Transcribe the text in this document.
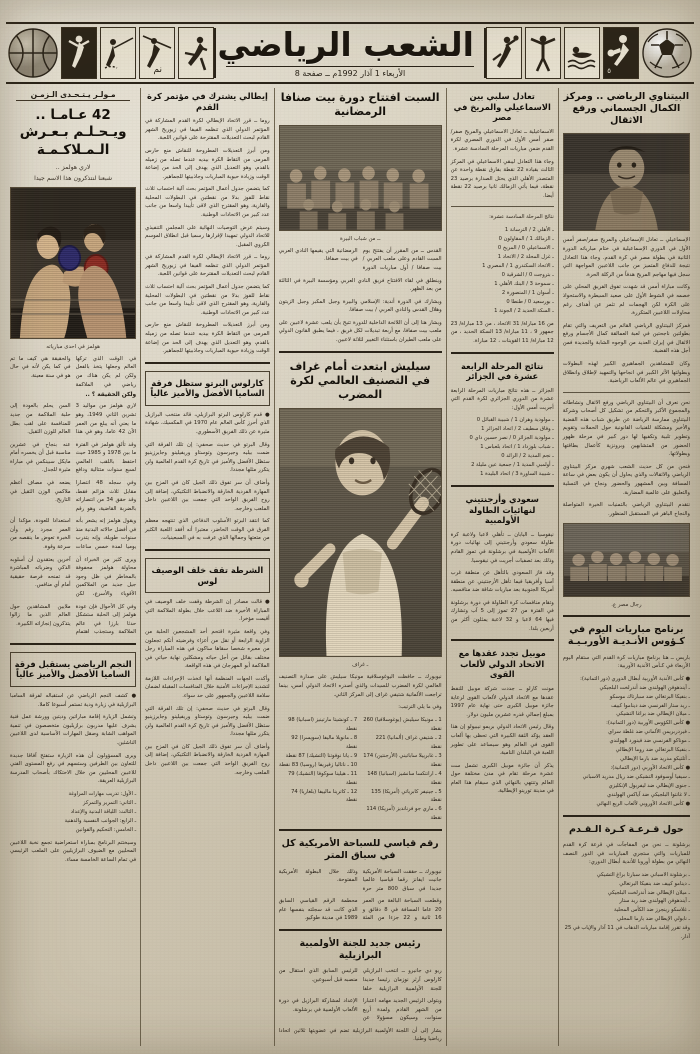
٥
الشعب الرياضي
الأربعاء 1 آذار 1992م ــ صفحة 8
نم
البيتناوي الرياضي .. ومركز الكمال الجسماني ورفع الاثقال
الإسماعيلي ــ تعادل الإسماعيلي والمريخ صفر/صفر أمس الأول في الدوري الإسماعيلية في ختام مبارياته الدورة الثانية في بطولة مصر في كرة القدم. وجاء هذا التعادل نتيجة للدفاع المتميز من جانب اللاعبين المواجهة التي سجل فيها مهاجم المريخ هدفاً من الركلة الحرة.
وكانت مباراة أمس قد شهدت تفوق الفريق المحلي على خصمه في الشوط الأول على صعيد السيطرة والاستحواذ على الكرة لكن الهجمات لم تثمر عن أهداف رغم محاولات اللاعبين المتكررة.
فمركز البيتناوي الرياضي القائم من التعريف والتي تقام بطولتين ناجحتين في لعبة العمالقة كمال الأجسام ورفع الاثقال في إيران العديد من الوجوه الشابة والجديدة فمن أجل هذه القضية.
وكان للمشاهدين الجماهيري الكبير لهذه البطولات وبطولتها الأثر الكبير في انجاحها والتمهيد لإطلاق وانطلاق الجماهيري في عالم الألعاب الرياضية.
نحن نعرف أن البيتناوي الرياضي ورفع الاثقال ونشاطاته والمجموع الأكبر والتحكم من تشكيل كل أصحاب وشركة البيتناوي ممارسة الرياضة عن طريق شباب هذه القضية والأخير ومشكلة للفنيات القانونية حول الحملات وتقويم وتطوير تلبية وتكفيها لها دور كبير في مرحلة ظهور الحضور من المتشابهين وبرونزية كأعمال بطاقتها وبطولاتها.
فنحن من كل حديث الشعب شهري مركز البيتناوي الرياضي والاثقالات والذي يحاول أن يكون بعض في ساعة المسافة وبين المشهور والحضور ونجاح في التسلية والتعليق على عالمية المضاربة.
نتقدم البيتناوي الرياضي بالتمنيات الخيرة المتواصلة والنجاح الباهر في المستقبل المنظور.
رجال مصر ع.
برنامج مباريات اليوم في كـؤوس الأنـديـة الأوربـيـة
باريس ــ هنا برنامج مباريات كرة القدم التي ستقام اليوم الأربعاء في كـأس الأندية الأوربية:
● كأس الأندية الأوربية أبطال الدوري (دور الثمانية):
ـ آيندهوفن الهولندي ضد أندرلخت البلجيكي
ـ بنفيكا البرتغالي ضد سبارتاك موسكو
ـ ريد ستار الفرنسي ضد ديناموا كييف
ـ ميلان الإيطالي ضد براغا التشيكي
● كأس الكؤوس الأوربية (دور الثمانية):
ـ فيردربريمن الألماني ضد غلطة سراي
ـ موناكو الفرنسي ضد فينورد الهولندي
ـ بنفيكا البرتغالي ضد روما الإيطالي
ـ أتلتيكو مدريد ضد بارما الإيطالي
● كأس الاتحاد الأوربي (دور الثمانية):
ـ سيفيا أوسوفود التشيكي ضد ريال مدريد الاسباني
ـ جنوى الإيطالي ضد ليفربول الإنكليزي
ـ لا غانتوا البلجيكي ضد آياكس الهولندي
● كأس الاتحاد الأوروبي لألعاب الربع النهائي
حول قـرعـة كـرة الـقـدم
برشلونة ــ نحن من المفاجآت في قرعة كرة القدم للمباريات والتي ستجري المباريات في الدور النصف النهائي من بطولة أوروبا للأندية أبطال الدوري:
ـ برشلونة الاسباني ضد سبارتا براغ التشيكي
ـ دينامو كييف ضد بنفيكا البرتغالي
ـ ميلان الإيطالي ضد أندرلخت البلجيكي
ـ آيندهوفن الهولندي ضد ريد ستار
ـ غلاسكو رينجرز ضد الكأس المحلية
ـ نابولي الإيطالي ضد بارما المحلي
وقد تقرر إقامة مباريات الذهاب في 11 آذار والإياب في 25 آذار.
تعادل سلبي بين الاسماعيلي والمريخ في مصر
الاسماعيلية ــ تعادل الاسماعيلي والمريخ صفر/صفر أمس الأول في الدوري المصري لكرة القدم ضمن مباريات المرحلة السادسة عشرة.
وجاء هذا التعادل ليبقي الاسماعيلي في المركز الثالث بقيادة 22 نقطة بفارق نقطة واحدة عن المتصدر الأهلي الذي يحتل الصدارة برصيد 23 نقطة، فيما يأتي الزمالك ثانيا برصيد 22 نقطة أيضا.
نتائج المرحلة السادسة عشرة:
ـ الأهلي 2 / الترسانة 1
ـ الزمالك 1 / المقاولون 0
ـ الاسماعيلي 0 / المريخ 0
ـ غزل المحلة 2 / الاتحاد 1
ـ الاتحاد السكندري 1 / المصري 1
ـ بتروجت 0 / الشرقية 0
ـ سموحة 3 / البنك الأهلي 1
ـ أسوان 1 / المنصورة 2
ـ بورسعيد 0 / طنطا 0
ـ السكة الحديد 2 / الجونة 1
من 16 مباراة/ 31 الاتحاد ، من 13 مباراة/ 23 جمهور 9 ، 11 مباراة/ 13 السكة الحديد ، من 12 مباراة/ 11 القوينات ، 12 مباراة.
نتائج المرحلة الرابعة عشرة في الجزائر
الجزائر ــ هذه نتائج مباريات المرحلة الرابعة عشرة من الدوري الجزائري لكرة القدم التي أجريت أمس الأول:
ـ مولودية وهران 1 / شبيبة القبائل 0
ـ وفاق سطيف 2 / اتحاد الجزائر 1
ـ مولودية الجزائر 0 / نصر حسين داي 0
ـ شباب بلوزداد 1 / اتحاد بلعباس 1
ـ نجم المدية 2 / الرائد 0
ـ أولمبي المدية 1 / جمعية عين مليلة 2
ـ شبيبة الساورة 3 / اتحاد البليدة 1
سعودي وأرجنتيني لنهائيات الطاولة الأولمبية
نيقوسيا ــ اليابان ــ تأهلي لاعبا ولاعبة كرة طاولة سعودي وأرجنتيني إلى نهائيات دورة الألعاب الأولمبية في برشلونة في تموز القادم وذلك بعد تصفيات أجريت في نيقوسيا.
وقد فاز السعودي بالتأهل عن منطقة غرب آسيا وأفريقيا فيما تأهل الأرجنتيني عن منطقة أمريكا الجنوبية بعد مباريات شاقة ضد منافسيه.
وتقام منافسات كرة الطاولة في دورة برشلونة في الفترة من 27 تموز إلى 5 آب وتشارك فيها 64 لاعبا و 32 لاعبة يمثلون أكثر من أربعين بلدا.
موبيل تجدد عقدها مع الاتحاد الدولي لألعاب القوى
مونت كارلو ــ جددت شركة موبيل للنفط عقدها مع الاتحاد الدولي لألعاب القوى لرعاية جائزة موبيل الكبرى حتى نهاية عام 1997 بمبلغ إجمالي قدره عشرين مليون دولار.
وقال رئيس الاتحاد الدولي بريمو نيبيولو إن هذا العقد يؤكد الثقة الكبيرة التي تحظى بها ألعاب القوى في العالم وهو سيساعد على تطوير اللعبة في البلدان النامية.
يذكر أن جائزة موبيل الكبرى تشمل ست عشرة مرحلة تقام في مدن مختلفة حول العالم وتنتهي بالنهائي الذي سيقام هذا العام في مدينة تورينو الإيطالية.
السبت افتتاح دورة بيت صنافا الرمضانية
ــ من شباب البيرة
القدس ــ من المقرر أن يفتتح يوم السبت القادم وعلى ملعب العربي / بيت صفافا / أول مباريات الدورة الرمضانية التي يقيمها النادي العربي في بيت صفافا.
وينطلق في لقاء الافتتاح فريق النادي العربي ومؤسسة البيرة في الثالثة من بعد الظهر.
ويشارك في الدورة أندية: الإسلامي والبيرة وجبل المكبر وجبل الزيتون وهلال القدس والنادي العربي / بيت صفافا.
ويشار هنا إلى أن اللائحة الداخلية للدورة تتيح بأن يلعب عشرة لاعبين على ملعب بيت صفافا، مع أربعة تبديلات لكل فريق ، فيما يطبق القانون الدولي على ملعب الطيران باستثناء التغيير لثلاثة لاعبين.
سيليش ابتعدت أمام غراف في التصنيف العالمي لكرة المضرب
ـ غراف
نيويورك ــ حافظت اليوغوسلافية مونيكا سيليش على صدارة التصنيف العالمي لكرة المضرب للسيدات والذي أصدره الاتحاد الدولي أمس، بينما تراجعت الألمانية شتيفي غراف إلى المركز الثاني.
وفي ما يلي الترتيب:
1 ـ مونيكا سيليش (يوغوسلافيا) 260 نقطة
2 ـ شتيفي غراف (ألمانيا) 221 نقطة
3 ـ غابرييلا ساباتيني (الأرجنتين) 174 نقطة
4 ـ ارانتكسا سانشيز (اسبانيا) 148 نقطة
5 ـ جينيفر كابرياتي (أمريكا) 135 نقطة
6 ـ ماري جو فرنانديز (أمريكا) 114 نقطة
7 ـ كونشيتا مارتينيز (اسبانيا) 98 نقطة
8 ـ مانويلا ماليفا (سويسرا) 92 نقطة
9 ـ يانا نوفوتنا (التشيك) 87 نقطة
10 ـ ناتاليا زفيريفا (روسيا) 83 نقطة
11 ـ هيلينا سوكوفا (التشيك) 79 نقطة
12 ـ كاترينا مالييفا (بلغاريا) 74 نقطة
رقم قياسي للسباحة الأمريكية كل في سباق المتر
نيويورك ــ حققت السباحة الأمريكية جانيت ايفانز رقما قياسيا عالميا جديدا في سباق 800 متر حرة وذلك خلال البطولة الأمريكية المفتوحة.
وقطعت السباحة البالغة من العمر 20 عاما المسافة في 8 دقائق و 16 ثانية و 22 جزءا من المئة محطمة الرقم القياسي السابق الذي كانت قد سجلته بنفسها عام 1989 في مدينة طوكيو.
رئيس جديد للجنة الأولمبية البرازيلية
ريو دي جانيرو ــ انتخب البرازيلي كارلوس آرثر نوزمان رئيسا جديدا للجنة الأولمبية البرازيلية خلفا للرئيس السابق الذي استقال من منصبه قبل أسبوعين.
ويتولى الرئيس الجديد مهامه اعتبارا من الشهر القادم ولمدة أربع سنوات، وسيكون مسؤولا عن الإعداد لمشاركة البرازيل في دورة الألعاب الأولمبية في برشلونة.
يشار إلى أن اللجنة الأولمبية البرازيلية تضم في عضويتها ثلاثين اتحادا رياضيا وطنيا.
إيطالي يشترك في مؤتمر كرة القدم
روما ــ قرر الاتحاد الإيطالي لكرة القدم المشاركة في المؤتمر الدولي الذي تنظمه الفيفا في زيوريخ الشهر القادم لبحث التعديلات المقترحة على قوانين اللعبة.
ومن أبرز التعديلات المطروحة للنقاش منع حارس المرمى من التقاط الكرة بيديه عندما تصله من زميله بالقدم، وهو التعديل الذي يهدف إلى الحد من إضاعة الوقت وزيادة حيوية المباريات وجاذبيتها للجماهير.
كما يتضمن جدول أعمال المؤتمر بحث آلية احتساب ثلاث نقاط للفوز بدلا من نقطتين في البطولات المحلية والقارية، وهو المقترح الذي لاقى تأييدا واسعا من جانب عدد كبير من الاتحادات الوطنية.
وسيتم عرض التوصيات النهائية على المجلس التنفيذي للاتحاد الدولي تمهيدا لإقرارها رسميا قبل انطلاق الموسم الكروي المقبل.
روما ــ قرر الاتحاد الإيطالي لكرة القدم المشاركة في المؤتمر الدولي الذي تنظمه الفيفا في زيوريخ الشهر القادم لبحث التعديلات المقترحة على قوانين اللعبة.
كما يتضمن جدول أعمال المؤتمر بحث آلية احتساب ثلاث نقاط للفوز بدلا من نقطتين في البطولات المحلية والقارية، وهو المقترح الذي لاقى تأييدا واسعا من جانب عدد كبير من الاتحادات الوطنية.
ومن أبرز التعديلات المطروحة للنقاش منع حارس المرمى من التقاط الكرة بيديه عندما تصله من زميله بالقدم، وهو التعديل الذي يهدف إلى الحد من إضاعة الوقت وزيادة حيوية المباريات وجاذبيتها للجماهير.
كارلوس البرتو ستظل فرقة الساميا الأفضل والأميز عالياً
● قدم كارلوس البرتو البرازيلي، قائد منتخب البرازيل الذي أحرز كأس العالم عام 1970 في المكسيك، شهادة مثيرة عن ذلك الفريق الأسطوري.
وقال البرتو في حديث صحفي: إن تلك الفرقة التي ضمت بيليه وجيرسون وتوستاو وريفيلينو وجايرزينيو ستظل الأفضل والأميز في تاريخ كرة القدم العالمية ولن يتكرر مثلها مجددا.
وأضاف أن سر تفوق ذلك الجيل كان في المزج بين المهارة الفردية الخارقة والانضباط التكتيكي، إضافة إلى روح الفريق الواحد التي جمعت بين اللاعبين داخل الملعب وخارجه.
كما انتقد البرتو الأسلوب الدفاعي الذي تنتهجه معظم الفرق في الوقت الحاضر، معتبرا أنه أفقد اللعبة الكثير من متعتها وجمالها الذي عرفت به في السبعينيات.
الشرطة تقف خلف الوصيف لوس
● قالت مصادر إن الشرطة وقفت خلف الوصيف في المباراة الأخيرة ضد اللاعب خلال بطولة الملاكمة التي أقيمت مؤخرا.
وفي واقعة مثيرة اقتحم أحد المشجعين الحلبة من الزاوية الرابعة أو نقل من أعزاء وفرضيته أنكم تجعلون من معبره شخصا سقاها ساكون في هذه المباراة رجل مختلف بقائل من أجل حياته ومشكلين نهاية حياتي في الملاكمة أبو المهرجان في هذه الواقعة.
وأكدت الجهات المنظمة أنها اتخذت الإجراءات اللازمة لتشديد الإجراءات الأمنية خلال المنافسات المقبلة لضمان سلامة اللاعبين والجمهور على حد سواء.
وقال البرتو في حديث صحفي: إن تلك الفرقة التي ضمت بيليه وجيرسون وتوستاو وريفيلينو وجايرزينيو ستظل الأفضل والأميز في تاريخ كرة القدم العالمية ولن يتكرر مثلها مجددا.
وأضاف أن سر تفوق ذلك الجيل كان في المزج بين المهارة الفردية الخارقة والانضباط التكتيكي، إضافة إلى روح الفريق الواحد التي جمعت بين اللاعبين داخل الملعب وخارجه.
مـولـر يـتـحـدى الـزمـن
42 عـامـا .. ويـحـلـم بـعـرش الـمـلاكـمـة
لاري هولمز ..
شبعنا لنتذكرون هذا الاسم جيدا
هولمز في احدى مبارياته
في الوقت الذي تركها العالم وجعلها يتخذ بالفعل ولكن لم يكن هناك من رياضي في الملاكمة والحقيقة هي كيف ما تم في كما يكن لأنه في حال هو في سنة معينة.
ولكن الحقيقة ؟ ..
لاري هولمز من مواليد 3 تشرين الثاني 1949، وهو ما يعني أنه يبلغ من العمر الآن 42 عاما، وهو في هذا السن يحلم بالعودة إلى حلبة الملاكمة من جديد للمنافسة على لقب بطل العالم للوزن الثقيل.
وقد تألق هولمز في الفترة ما بين 1978 و 1985 حيث احتفظ باللقب العالمي لسبع سنوات متتالية ودافع عنه بنجاح في عشرين مناسبة قبل أن يخسره أمام مايكل سبينكس في مباراة مثيرة للجدل.
وفي سجله 48 انتصارا مقابل ثلاث هزائم فقط، وقد حقق 34 من انتصاراته بالضربة القاضية، وهو رقم يضعه في مصاف أعظم ملاكمي الوزن الثقيل في التاريخ.
ويقول هولمز إنه يشعر بأنه في أفضل حالاته البدنية منذ سنوات طويلة، وإنه يتدرب يوميا لمدة خمس ساعات استعدادا للعودة، مؤكدا أن العمر مجرد رقم وأن الخبرة تعوض ما ينقصه من سرعة وقوة.
ويرى كثير من الخبراء أن محاولة هولمز محفوفة بالمخاطر في ظل وجود جيل جديد من الملاكمين الأقوياء والأسرع، لكن آخرين يعتقدون أن أسلوبه الذكي وضرباته المباشرة قد تمنحه فرصة حقيقية أمام أي منافس.
وفي كل الأحوال فإن عودة هولمز إلى الحلبة ستشكل حدثا بارزا في عالم الملاكمة وستجذب اهتمام ملايين المشاهدين حول العالم الذين ما زالوا يتذكرون إنجازاته الكبيرة.
النجم الرياضي يستقبل فرقة الساميا الأفضل والأميز عالياً
● كشف النجم الرياضي عن استقباله لفرقة السامبا البرازيلية في زيارة ودية تستمر أسبوعا كاملا.
وتشمل الزيارة إقامة مباراتين وديتين وورشة عمل فنية يشرف عليها مدربون برازيليون متخصصون في تنمية المواهب الشابة وصقل المهارات الأساسية لدى اللاعبين الناشئين.
ويرى المسؤولون أن هذه الزيارة ستفتح آفاقا جديدة للتعاون بين الطرفين وستسهم في رفع المستوى الفني للاعبين المحليين من خلال الاحتكاك بأصحاب المدرسة البرازيلية العريقة.
ـ الأول: تدريب مهارات المراوغة
ـ الثاني: التمرير والتمركز
ـ الثالث: اللياقة البدنية والإعداد
ـ الرابع: الجوانب النفسية والذهنية
ـ الخامس: التحكيم والقوانين
وسيختتم البرنامج بمباراة استعراضية تجمع نخبة اللاعبين المحليين مع الضيوف البرازيليين على الملعب الرئيسي في تمام الساعة الخامسة مساء.
